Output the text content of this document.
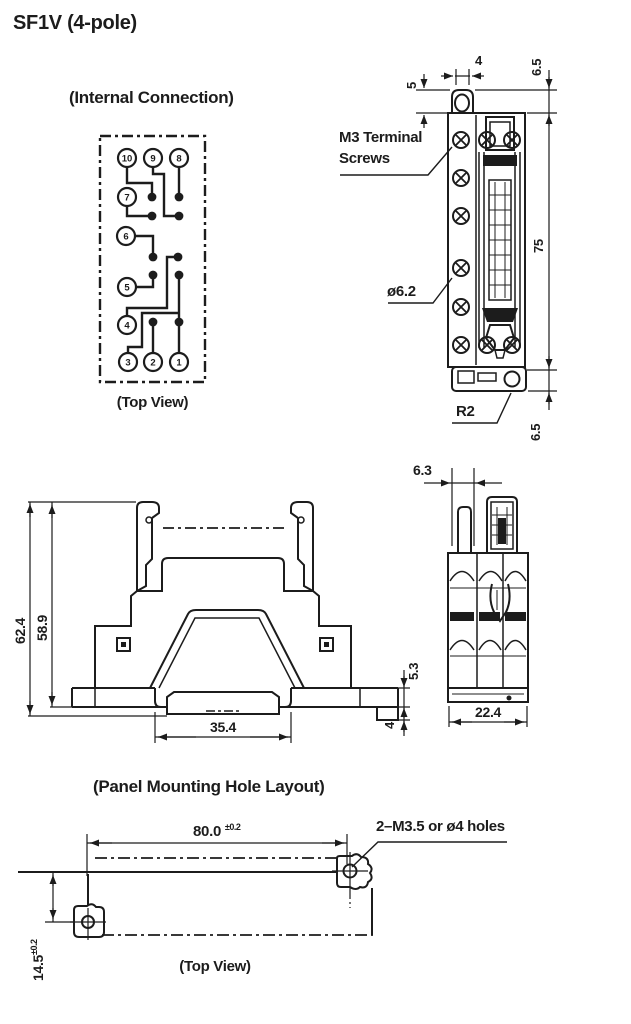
10 9 8
7
6
5
4
3 2 1
SF1V (4-pole)
(Internal Connection)
(Top View)
M3 Terminal
Screws
ø6.2
R2
5
4	6.5
75
6.5
62.4 58.9
35.4
5.3
4
6.3
22.4
(Panel Mounting Hole Layout)
80.0 $^{\pm 0.2}$
$14.5^{\pm 0.2}$
2–M3.5 or ø4 holes
(Top View)
